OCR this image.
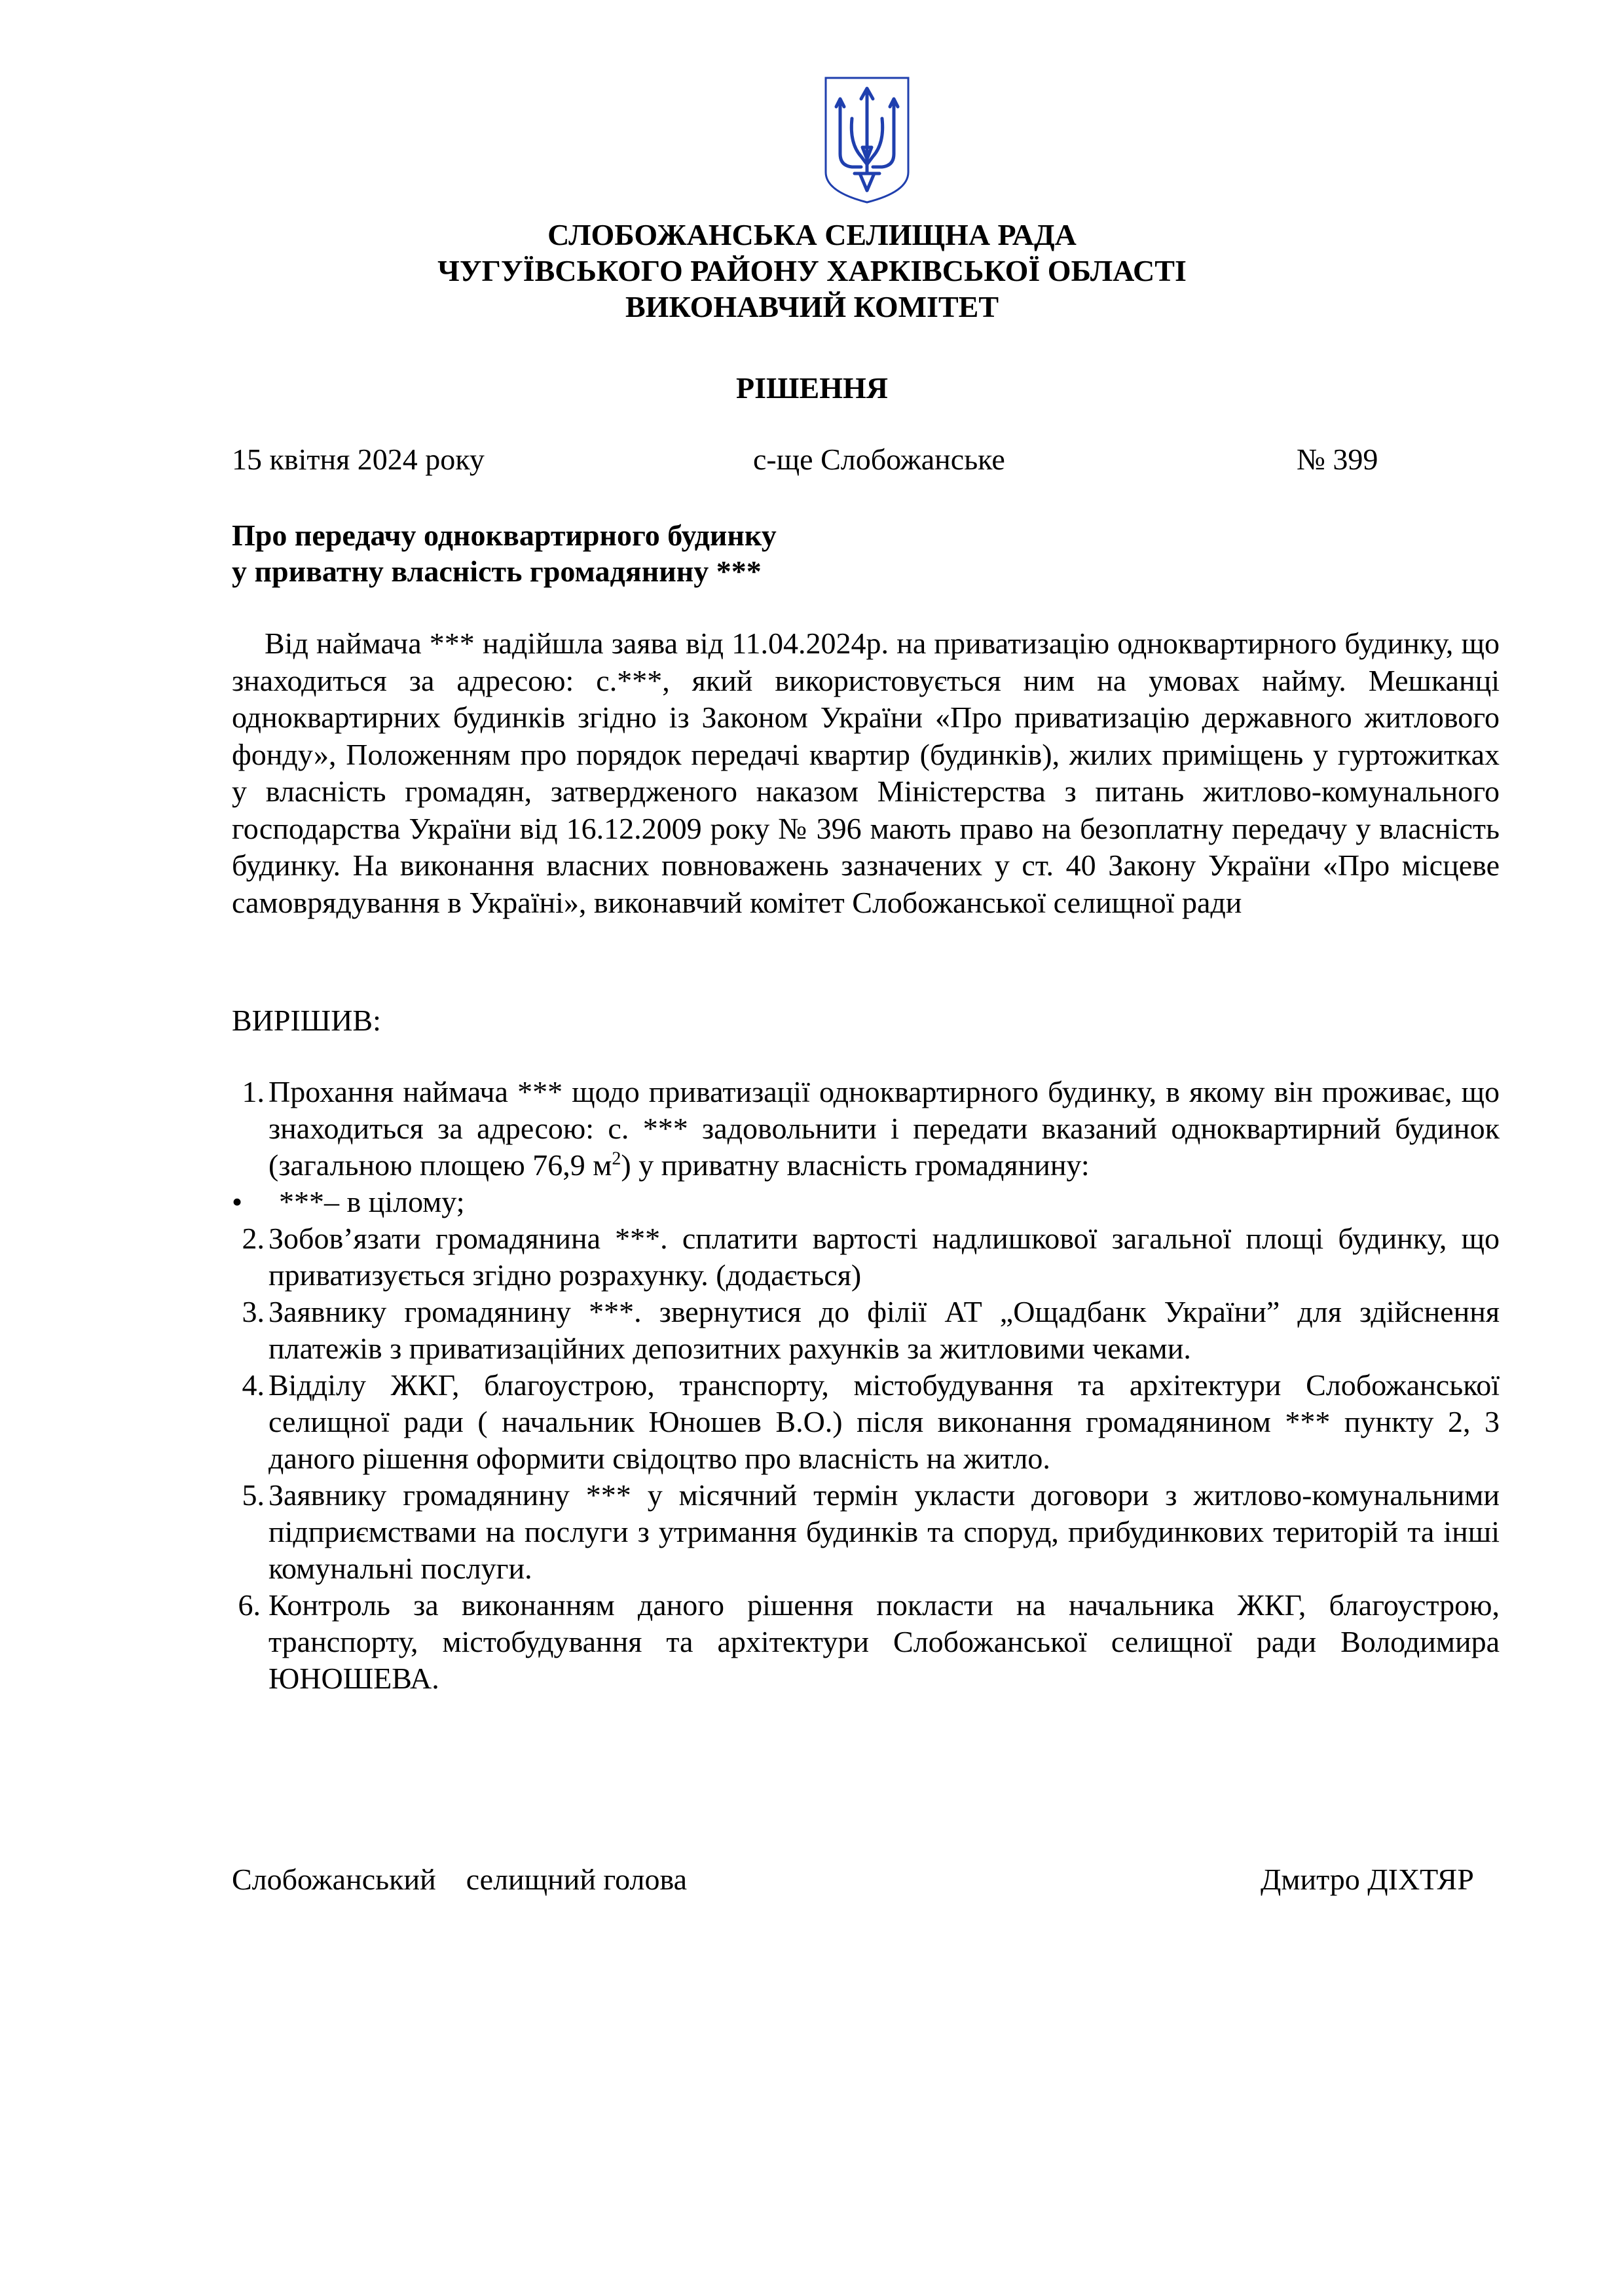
СЛОБОЖАНСЬКА СЕЛИЩНА РАДА
ЧУГУЇВСЬКОГО РАЙОНУ ХАРКІВСЬКОЇ ОБЛАСТІ
ВИКОНАВЧИЙ КОМІТЕТ
РІШЕННЯ
15 квітня 2024 року	с-ще Слобожанське	№ 399
Про передачу одноквартирного будинку
у приватну власність громадянину ***
Від наймача *** надійшла заява від 11.04.2024р. на приватизацію одноквартирного будинку, що знаходиться за адресою: с.***, який використовується ним на умовах найму. Мешканці одноквартирних будинків згідно із Законом України «Про приватизацію державного житлового фонду», Положенням про порядок передачі квартир (будинків), жилих приміщень у гуртожитках у власність громадян, затвердженого наказом Міністерства з питань житлово-комунального господарства України від 16.12.2009 року № 396 мають право на безоплатну передачу у власність будинку. На виконання власних повноважень зазначених у ст. 40 Закону України «Про місцеве самоврядування в Україні», виконавчий комітет Слобожанської селищної ради
ВИРІШИВ:
1. Прохання наймача *** щодо приватизації одноквартирного будинку, в якому він проживає, що знаходиться за адресою: с. *** задовольнити і передати вказаний одноквартирний будинок (загальною площею 76,9 $м^2$) у приватну власність громадянину:
•	***– в цілому;
2. Зобов’язати громадянина ***. сплатити вартості надлишкової загальної площі будинку, що приватизується згідно розрахунку. (додається)
3. Заявнику громадянину ***. звернутися до філії АТ „Ощадбанк України” для здійснення платежів з приватизаційних депозитних рахунків за житловими чеками.
4. Відділу ЖКГ, благоустрою, транспорту, містобудування та архітектури Слобожанської селищної ради ( начальник Юношев В.О.) після виконання громадянином *** пункту 2, 3 даного рішення оформити свідоцтво про власність на житло.
5. Заявнику громадянину *** у місячний термін укласти договори з житлово-комунальними підприємствами на послуги з утримання будинків та споруд, прибудинкових територій та інші комунальні послуги.
6. Контроль за виконанням даного рішення покласти на начальника ЖКГ, благоустрою, транспорту, містобудування та архітектури Слобожанської селищної ради Володимира ЮНОШЕВА.
Слобожанський    селищний голова	Дмитро ДІХТЯР
